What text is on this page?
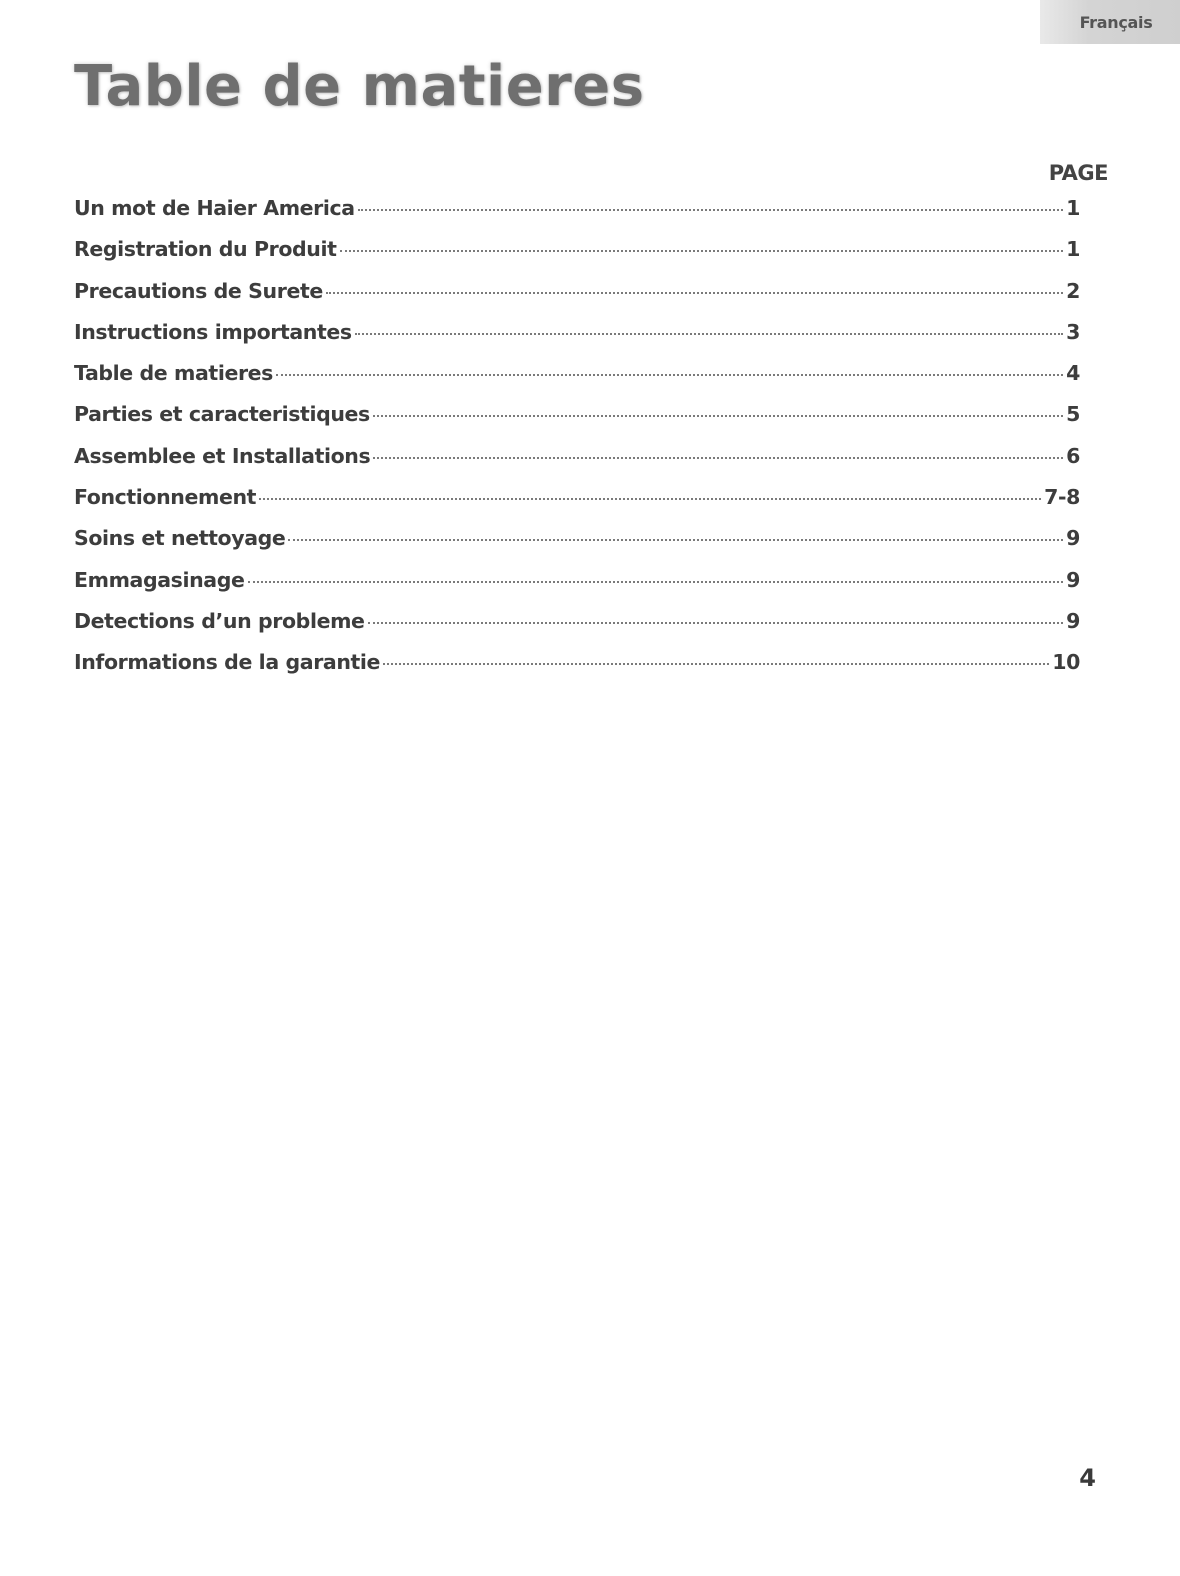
Français
Table de matieres
PAGE
Un mot de Haier America	1
Registration du Produit	1
Precautions de Surete	2
Instructions importantes	3
Table de matieres	4
Parties et caracteristiques	5
Assemblee et Installations	6
Fonctionnement	7-8
Soins et nettoyage	9
Emmagasinage	9
Detections d’un probleme	9
Informations de la garantie	10
4
